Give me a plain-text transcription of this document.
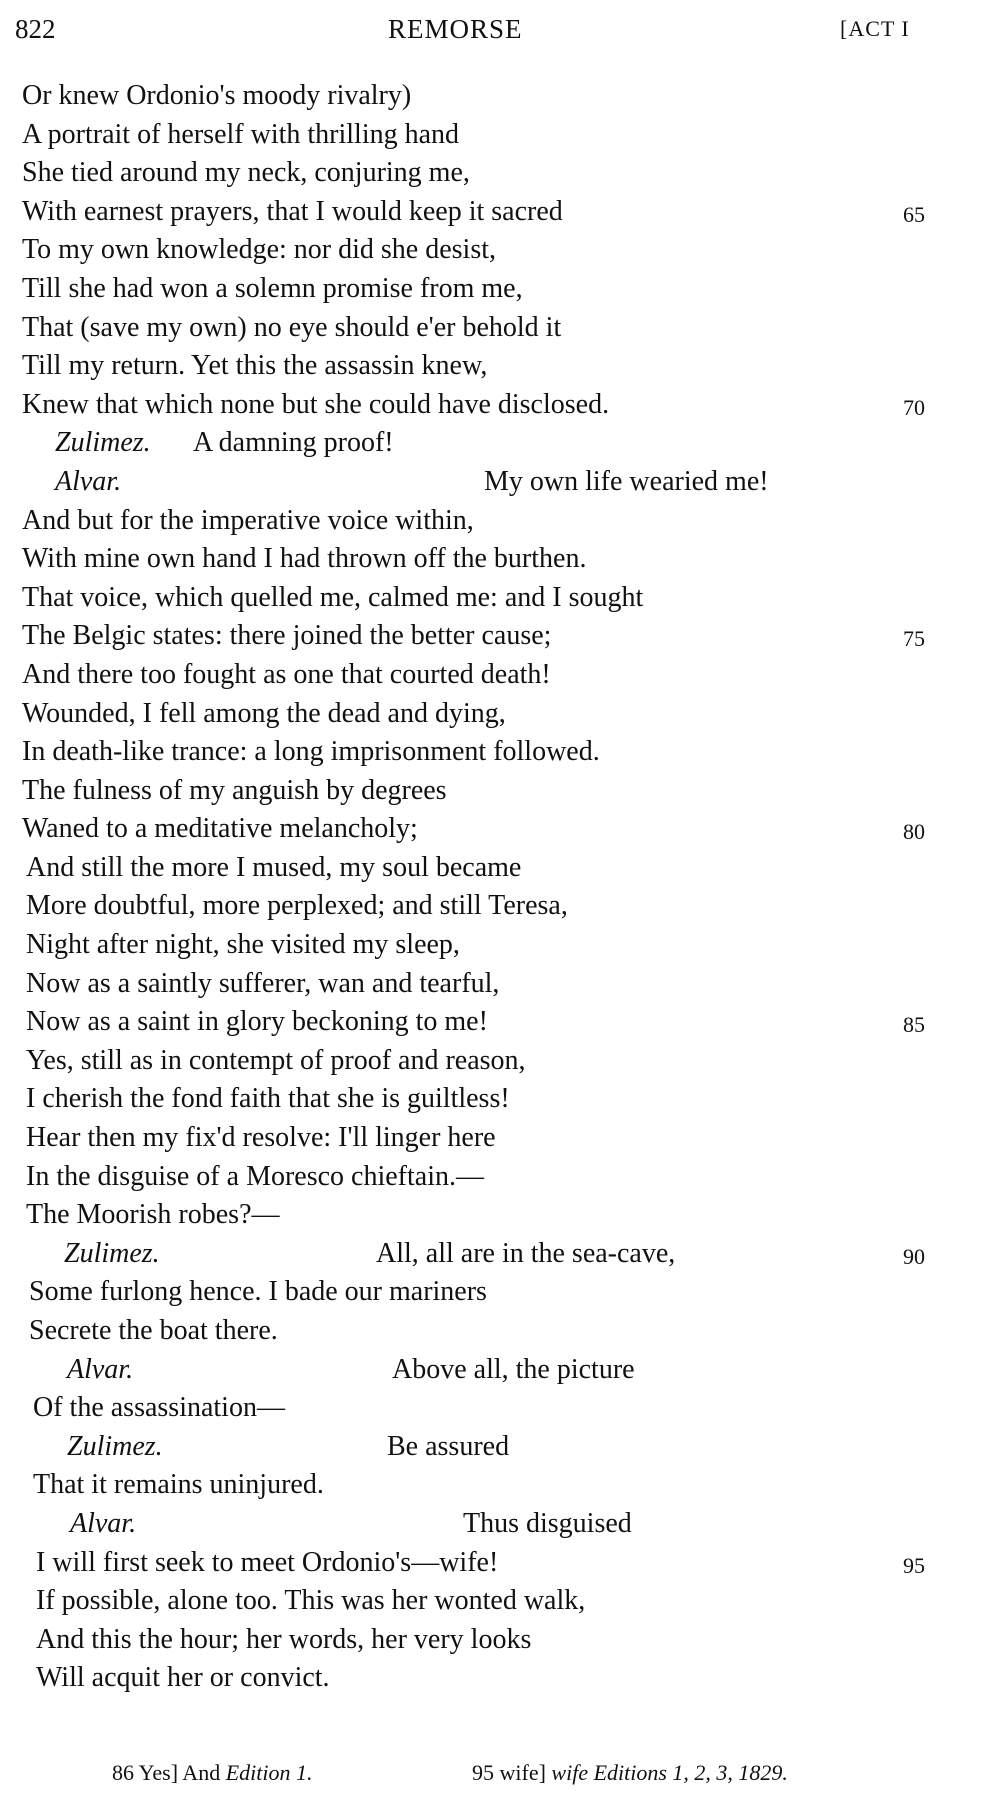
822	REMORSE	[ACT I
Or knew Ordonio's moody rivalry)
A portrait of herself with thrilling hand
She tied around my neck, conjuring me,
With earnest prayers, that I would keep it sacred	65
To my own knowledge: nor did she desist,
Till she had won a solemn promise from me,
That (save my own) no eye should e'er behold it
Till my return. Yet this the assassin knew,
Knew that which none but she could have disclosed.	70
Zulimez. A damning proof!
Alvar.	My own life wearied me!
And but for the imperative voice within,
With mine own hand I had thrown off the burthen.
That voice, which quelled me, calmed me: and I sought
The Belgic states: there joined the better cause;	75
And there too fought as one that courted death!
Wounded, I fell among the dead and dying,
In death-like trance: a long imprisonment followed.
The fulness of my anguish by degrees
Waned to a meditative melancholy;	80
And still the more I mused, my soul became
More doubtful, more perplexed; and still Teresa,
Night after night, she visited my sleep,
Now as a saintly sufferer, wan and tearful,
Now as a saint in glory beckoning to me!	85
Yes, still as in contempt of proof and reason,
I cherish the fond faith that she is guiltless!
Hear then my fix'd resolve: I'll linger here
In the disguise of a Moresco chieftain.—
The Moorish robes?—
Zulimez.	All, all are in the sea-cave,	90
Some furlong hence. I bade our mariners
Secrete the boat there.
Alvar.	Above all, the picture
Of the assassination—
Zulimez.	Be assured
That it remains uninjured.
Alvar.	Thus disguised
I will first seek to meet Ordonio's—wife!	95
If possible, alone too. This was her wonted walk,
And this the hour; her words, her very looks
Will acquit her or convict.
86 Yes] And Edition 1.	95 wife] wife Editions 1, 2, 3, 1829.
